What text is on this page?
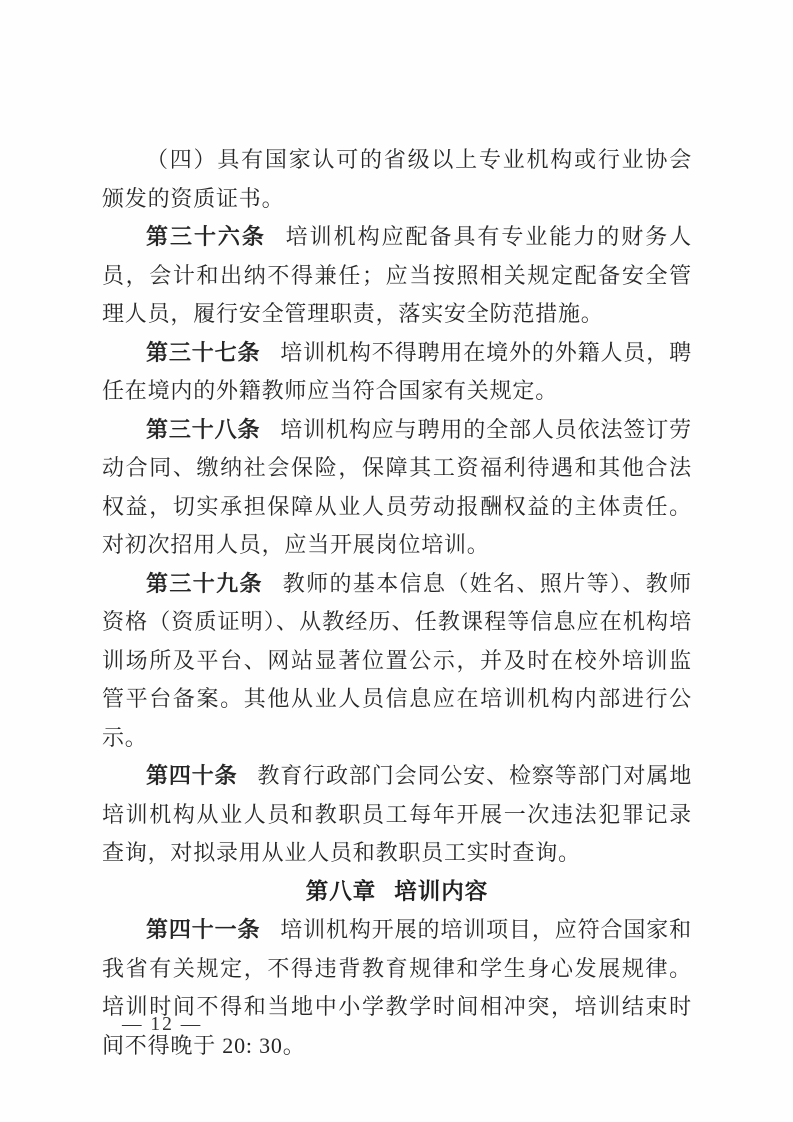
（四）具有国家认可的省级以上专业机构或行业协会颁发的资质证书。

第三十六条 培训机构应配备具有专业能力的财务人员，会计和出纳不得兼任；应当按照相关规定配备安全管理人员，履行安全管理职责，落实安全防范措施。

第三十七条 培训机构不得聘用在境外的外籍人员，聘任在境内的外籍教师应当符合国家有关规定。

第三十八条 培训机构应与聘用的全部人员依法签订劳动合同、缴纳社会保险，保障其工资福利待遇和其他合法权益，切实承担保障从业人员劳动报酬权益的主体责任。对初次招用人员，应当开展岗位培训。

第三十九条 教师的基本信息（姓名、照片等）、教师资格（资质证明）、从教经历、任教课程等信息应在机构培训场所及平台、网站显著位置公示，并及时在校外培训监管平台备案。其他从业人员信息应在培训机构内部进行公示。

第四十条 教育行政部门会同公安、检察等部门对属地培训机构从业人员和教职员工每年开展一次违法犯罪记录查询，对拟录用从业人员和教职员工实时查询。

第八章 培训内容

第四十一条 培训机构开展的培训项目，应符合国家和我省有关规定，不得违背教育规律和学生身心发展规律。培训时间不得和当地中小学教学时间相冲突，培训结束时间不得晚于 20: 30。

— 12 —
